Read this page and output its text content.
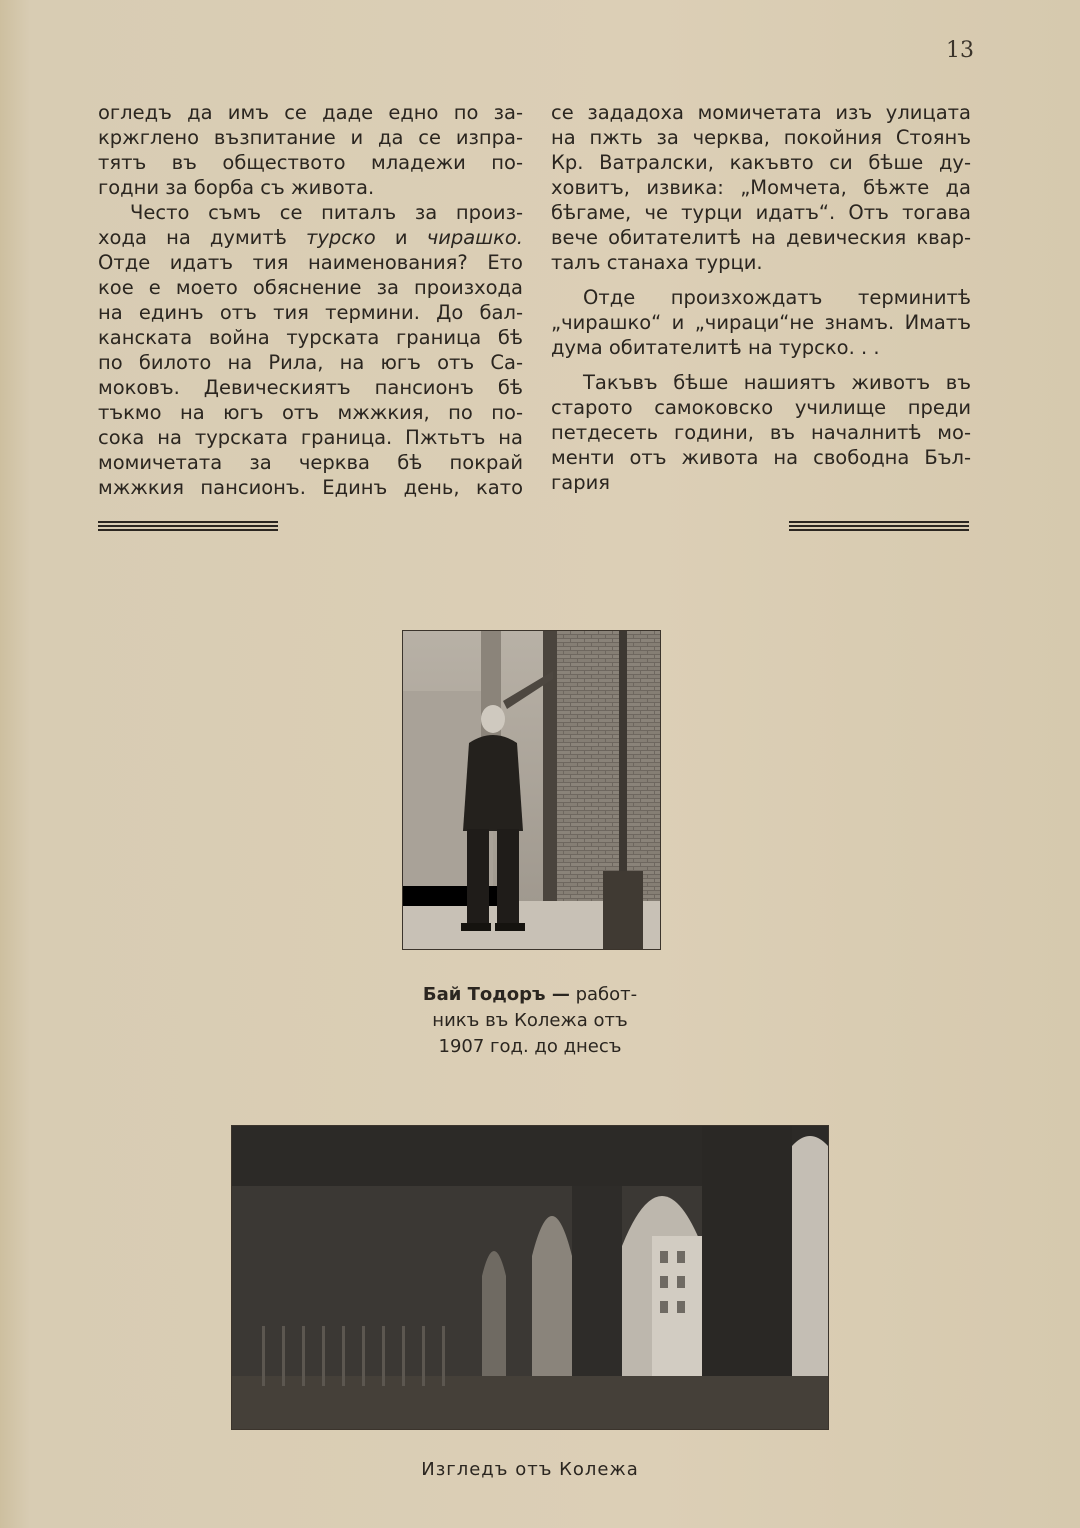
13

огледъ да имъ се даде едно по за-
кржглено възпитание и да се изпра-
тятъ въ обществото младежи по-
годни за борба съ живота.

Често съмъ се питалъ за произ-
хода на думитѣ турско и чирашко.
Отде идатъ тия наименования? Ето
кое е моето обяснение за произхода
на единъ отъ тия термини. До бал-
канската война турската граница бѣ
по билото на Рила, на югъ отъ Са-
моковъ. Девическиятъ пансионъ бѣ
тъкмо на югъ отъ мжжкия, по по-
сока на турската граница. Пжтьтъ на
момичетата за черква бѣ покрай
мжжкия пансионъ. Единъ день, като

се зададоха момичетата изъ улицата
на пжть за черква, покойния Стоянъ
Кр. Ватралски, какъвто си бѣше ду-
ховитъ, извика: „Момчета, бѣжте да
бѣгаме, че турци идатъ“. Отъ тогава
вече обитателитѣ на девическия квар-
талъ станаха турци.

Отде произхождатъ терминитѣ
„чирашко“ и „чираци“не знамъ. Иматъ
дума обитателитѣ на турско. . .

Такъвъ бѣше нашиятъ животъ въ
старото самоковско училище преди
петдесеть години, въ началнитѣ мо-
менти отъ живота на свободна Бъл-
гария

Бай Тодоръ — работ-
никъ въ Колежа отъ
1907 год. до днесъ
Изгледъ отъ Колежа
